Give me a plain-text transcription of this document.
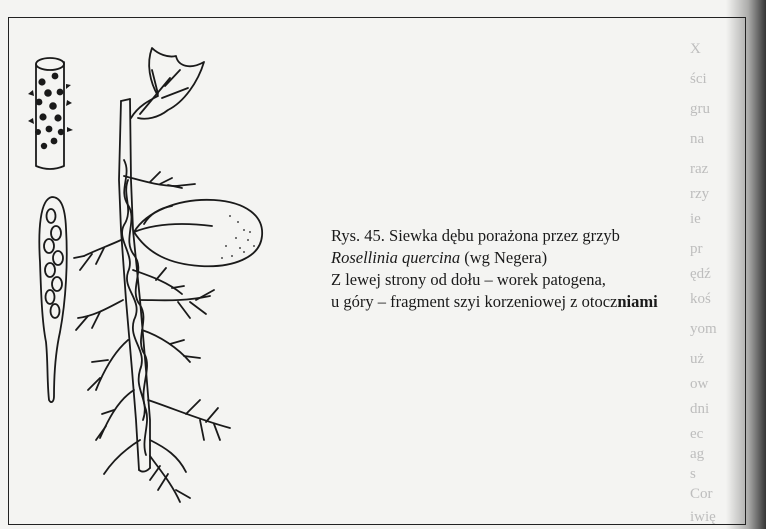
X
ści
gru
na
raz
rzy
ie
pr
ędź
koś
yom
uż
ow
dni
ec
ag
s
Cor
iwię
Rys. 45. Siewka dębu porażona przez grzyb
Rosellinia quercina (wg Negera)
Z lewej strony od dołu – worek patogena,
u góry – fragment szyi korzeniowej z otoczniami
